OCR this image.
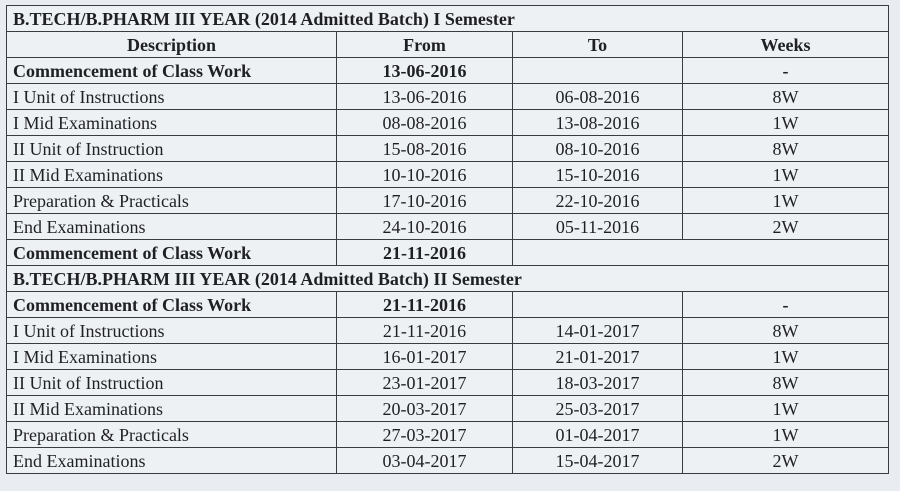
B.TECH/B.PHARM III YEAR (2014 Admitted Batch) I Semester			
Description	From	To	Weeks
Commencement of Class Work	13-06-2016		-
I Unit of Instructions	13-06-2016	06-08-2016	8W
I Mid Examinations	08-08-2016	13-08-2016	1W
II Unit of Instruction	15-08-2016	08-10-2016	8W
II Mid Examinations	10-10-2016	15-10-2016	1W
Preparation & Practicals	17-10-2016	22-10-2016	1W
End Examinations	24-10-2016	05-11-2016	2W
Commencement of Class Work	21-11-2016		
B.TECH/B.PHARM III YEAR (2014 Admitted Batch) II Semester			
Commencement of Class Work	21-11-2016		-
I Unit of Instructions	21-11-2016	14-01-2017	8W
I Mid Examinations	16-01-2017	21-01-2017	1W
II Unit of Instruction	23-01-2017	18-03-2017	8W
II Mid Examinations	20-03-2017	25-03-2017	1W
Preparation & Practicals	27-03-2017	01-04-2017	1W
End Examinations	03-04-2017	15-04-2017	2W
